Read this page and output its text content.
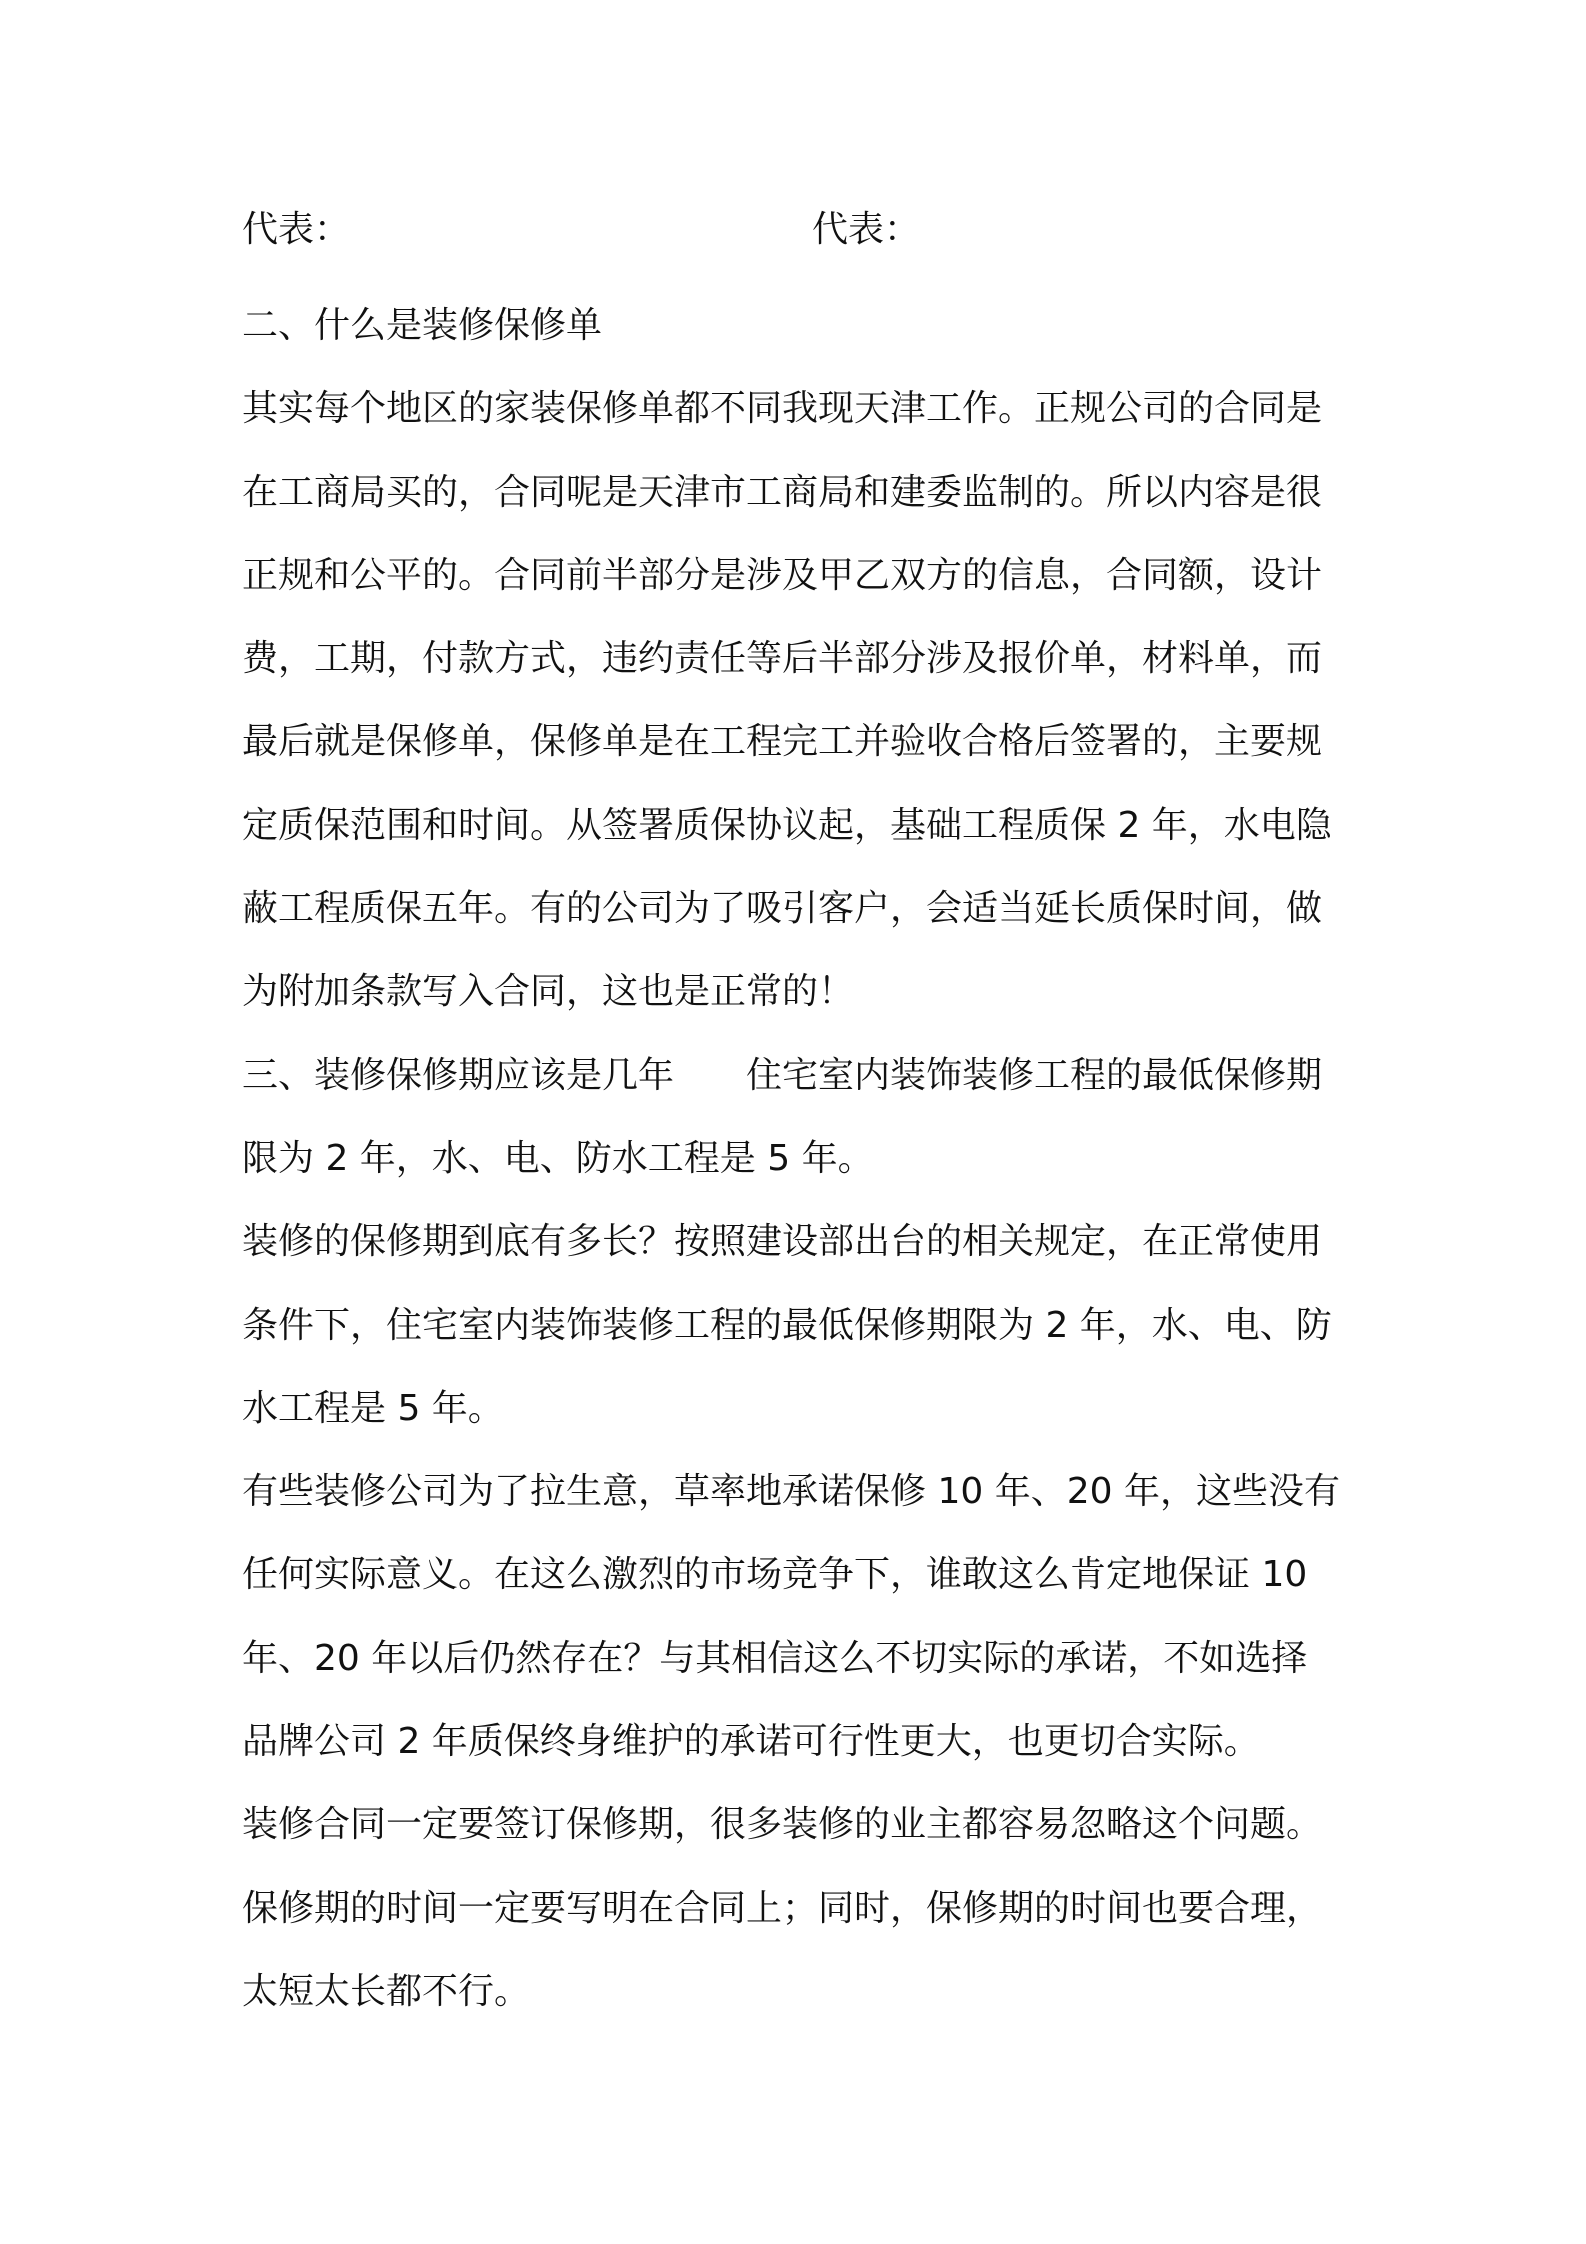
代表：	代表：
二、什么是装修保修单
其实每个地区的家装保修单都不同我现天津工作。正规公司的合同是
在工商局买的，合同呢是天津市工商局和建委监制的。所以内容是很
正规和公平的。合同前半部分是涉及甲乙双方的信息，合同额，设计
费，工期，付款方式，违约责任等后半部分涉及报价单，材料单，而
最后就是保修单，保修单是在工程完工并验收合格后签署的，主要规
定质保范围和时间。从签署质保协议起，基础工程质保 2 年，水电隐
蔽工程质保五年。有的公司为了吸引客户，会适当延长质保时间，做
为附加条款写入合同，这也是正常的！
三、装修保修期应该是几年　　住宅室内装饰装修工程的最低保修期
限为 2 年，水、电、防水工程是 5 年。
装修的保修期到底有多长？按照建设部出台的相关规定，在正常使用
条件下，住宅室内装饰装修工程的最低保修期限为 2 年，水、电、防
水工程是 5 年。
有些装修公司为了拉生意，草率地承诺保修 10 年、20 年，这些没有
任何实际意义。在这么激烈的市场竞争下，谁敢这么肯定地保证 10
年、20 年以后仍然存在？与其相信这么不切实际的承诺，不如选择
品牌公司 2 年质保终身维护的承诺可行性更大，也更切合实际。
装修合同一定要签订保修期，很多装修的业主都容易忽略这个问题。
保修期的时间一定要写明在合同上；同时，保修期的时间也要合理，
太短太长都不行。
